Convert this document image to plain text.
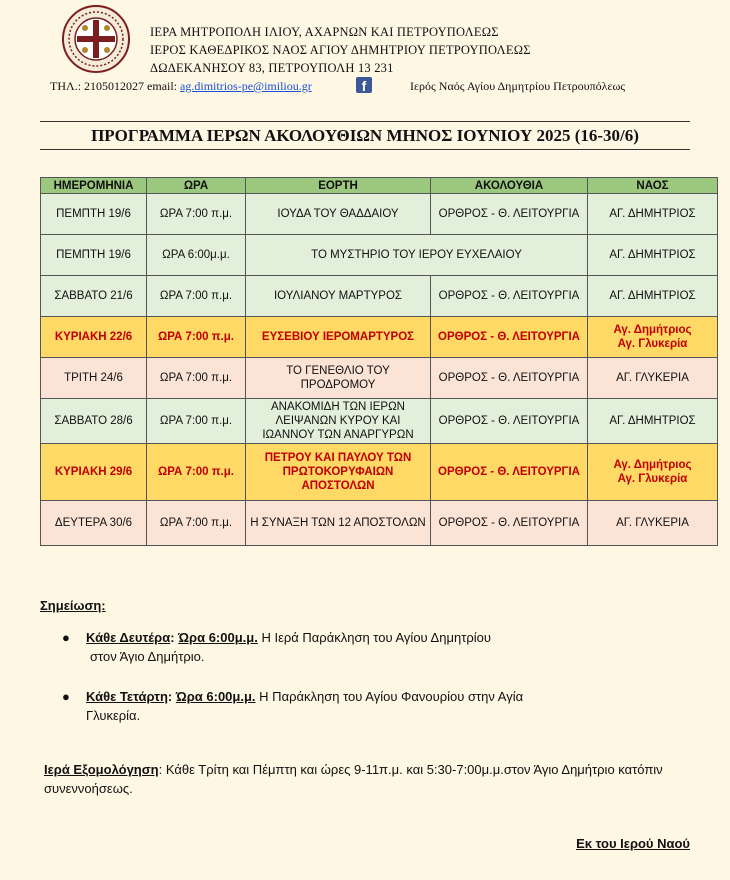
ΙΕΡΑ ΜΗΤΡΟΠΟΛΗ ΙΛΙΟΥ, ΑΧΑΡΝΩΝ ΚΑΙ ΠΕΤΡΟΥΠΟΛΕΩΣ
ΙΕΡΟΣ ΚΑΘΕΔΡΙΚΟΣ ΝΑΟΣ ΑΓΙΟΥ ΔΗΜΗΤΡΙΟΥ ΠΕΤΡΟΥΠΟΛΕΩΣ
ΔΩΔΕΚΑΝΗΣΟΥ 83, ΠΕΤΡΟΥΠΟΛΗ 13 231
ΤΗΛ.: 2105012027 email: ag.dimitrios-pe@imiliou.gr	f	Ιερός Ναός Αγίου Δημητρίου Πετρουπόλεως
ΠΡΟΓΡΑΜΜΑ ΙΕΡΩΝ ΑΚΟΛΟΥΘΙΩΝ ΜΗΝΟΣ ΙΟΥΝΙΟΥ 2025 (16-30/6)
ΗΜΕΡΟΜΗΝΙΑ	ΩΡΑ	ΕΟΡΤΗ	ΑΚΟΛΟΥΘΙΑ	ΝΑΟΣ
ΠΕΜΠΤΗ 19/6	ΩΡΑ 7:00 π.μ.	ΙΟΥΔΑ ΤΟΥ ΘΑΔΔΑΙΟΥ	ΟΡΘΡΟΣ - Θ. ΛΕΙΤΟΥΡΓΙΑ	ΑΓ. ΔΗΜΗΤΡΙΟΣ

ΠΕΜΠΤΗ 19/6	ΩΡΑ 6:00μ.μ.	ΤΟ ΜΥΣΤΗΡΙΟ ΤΟΥ ΙΕΡΟΥ ΕΥΧΕΛΑΙΟΥ		ΑΓ. ΔΗΜΗΤΡΙΟΣ

ΣΑΒΒΑΤΟ 21/6	ΩΡΑ 7:00 π.μ.	ΙΟΥΛΙΑΝΟΥ ΜΑΡΤΥΡΟΣ	ΟΡΘΡΟΣ - Θ. ΛΕΙΤΟΥΡΓΙΑ	ΑΓ. ΔΗΜΗΤΡΙΟΣ

ΚΥΡΙΑΚΗ 22/6	ΩΡΑ 7:00 π.μ.	ΕΥΣΕΒΙΟΥ ΙΕΡΟΜΑΡΤΥΡΟΣ	ΟΡΘΡΟΣ - Θ. ΛΕΙΤΟΥΡΓΙΑ	Αγ. Δημήτριος
Αγ. Γλυκερία

ΤΡΙΤΗ 24/6	ΩΡΑ 7:00 π.μ.	ΤΟ ΓΕΝΕΘΛΙΟ ΤΟΥ ΠΡΟΔΡΟΜΟΥ	ΟΡΘΡΟΣ - Θ. ΛΕΙΤΟΥΡΓΙΑ	ΑΓ. ΓΛΥΚΕΡΙΑ

ΣΑΒΒΑΤΟ 28/6	ΩΡΑ 7:00 π.μ.	ΑΝΑΚΟΜΙΔΗ ΤΩΝ ΙΕΡΩΝ ΛΕΙΨΑΝΩΝ ΚΥΡΟΥ ΚΑΙ ΙΩΑΝΝΟΥ ΤΩΝ ΑΝΑΡΓΥΡΩΝ	ΟΡΘΡΟΣ - Θ. ΛΕΙΤΟΥΡΓΙΑ	ΑΓ. ΔΗΜΗΤΡΙΟΣ

ΚΥΡΙΑΚΗ 29/6	ΩΡΑ 7:00 π.μ.	ΠΕΤΡΟΥ ΚΑΙ ΠΑΥΛΟΥ ΤΩΝ ΠΡΩΤΟΚΟΡΥΦΑΙΩΝ ΑΠΟΣΤΟΛΩΝ	ΟΡΘΡΟΣ - Θ. ΛΕΙΤΟΥΡΓΙΑ	Αγ. Δημήτριος
Αγ. Γλυκερία

ΔΕΥΤΕΡΑ 30/6	ΩΡΑ 7:00 π.μ.	Η ΣΥΝΑΞΗ ΤΩΝ 12 ΑΠΟΣΤΟΛΩΝ	ΟΡΘΡΟΣ - Θ. ΛΕΙΤΟΥΡΓΙΑ	ΑΓ. ΓΛΥΚΕΡΙΑ
Σημείωση:
● Κάθε Δευτέρα: Ώρα 6:00μ.μ. Η Ιερά Παράκληση του Αγίου Δημητρίου
στον Άγιο Δημήτριο.
● Κάθε Τετάρτη: Ώρα 6:00μ.μ. Η Παράκληση του Αγίου Φανουρίου στην Αγία
Γλυκερία.
Ιερά Εξομολόγηση: Κάθε Τρίτη και Πέμπτη και ώρες 9-11π.μ. και 5:30-7:00μ.μ.στον Άγιο Δημήτριο κατόπιν συνεννοήσεως.
Εκ του Ιερού Ναού
